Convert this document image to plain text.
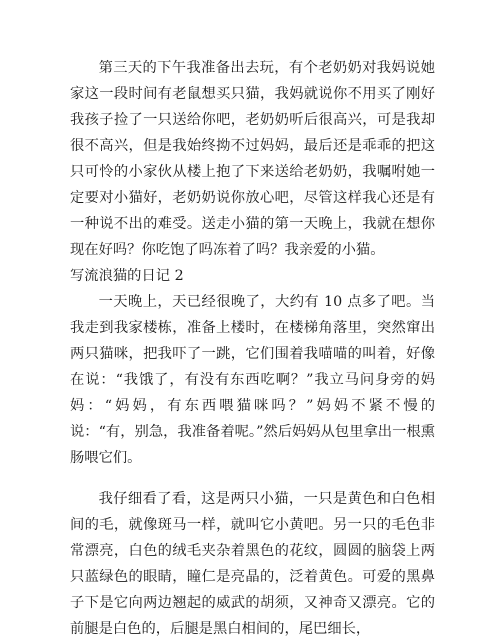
第三天的下午我准备出去玩，有个老奶奶对我妈说她家这一段时间有老鼠想买只猫，我妈就说你不用买了刚好我孩子捡了一只送给你吧，老奶奶听后很高兴，可是我却很不高兴，但是我始终拗不过妈妈，最后还是乖乖的把这只可怜的小家伙从楼上抱了下来送给老奶奶，我嘱咐她一定要对小猫好，老奶奶说你放心吧，尽管这样我心还是有一种说不出的难受。送走小猫的第一天晚上，我就在想你现在好吗？你吃饱了吗冻着了吗？我亲爱的小猫。

写流浪猫的日记 2

一天晚上，天已经很晚了，大约有 10 点多了吧。当我走到我家楼栋，准备上楼时，在楼梯角落里，突然窜出两只猫咪，把我吓了一跳，它们围着我喵喵的叫着，好像在说：“我饿了，有没有东西吃啊？”我立马问身旁的妈妈：“妈妈，有东西喂猫咪吗？”妈妈不紧不慢的说：“有，别急，我准备着呢。”然后妈妈从包里拿出一根熏肠喂它们。

我仔细看了看，这是两只小猫，一只是黄色和白色相间的毛，就像斑马一样，就叫它小黄吧。另一只的毛色非常漂亮，白色的绒毛夹杂着黑色的花纹，圆圆的脑袋上两只蓝绿色的眼睛，瞳仁是亮晶的，泛着黄色。可爱的黑鼻子下是它向两边翘起的威武的胡须，又神奇又漂亮。它的前腿是白色的，后腿是黑白相间的，尾巴细长，
